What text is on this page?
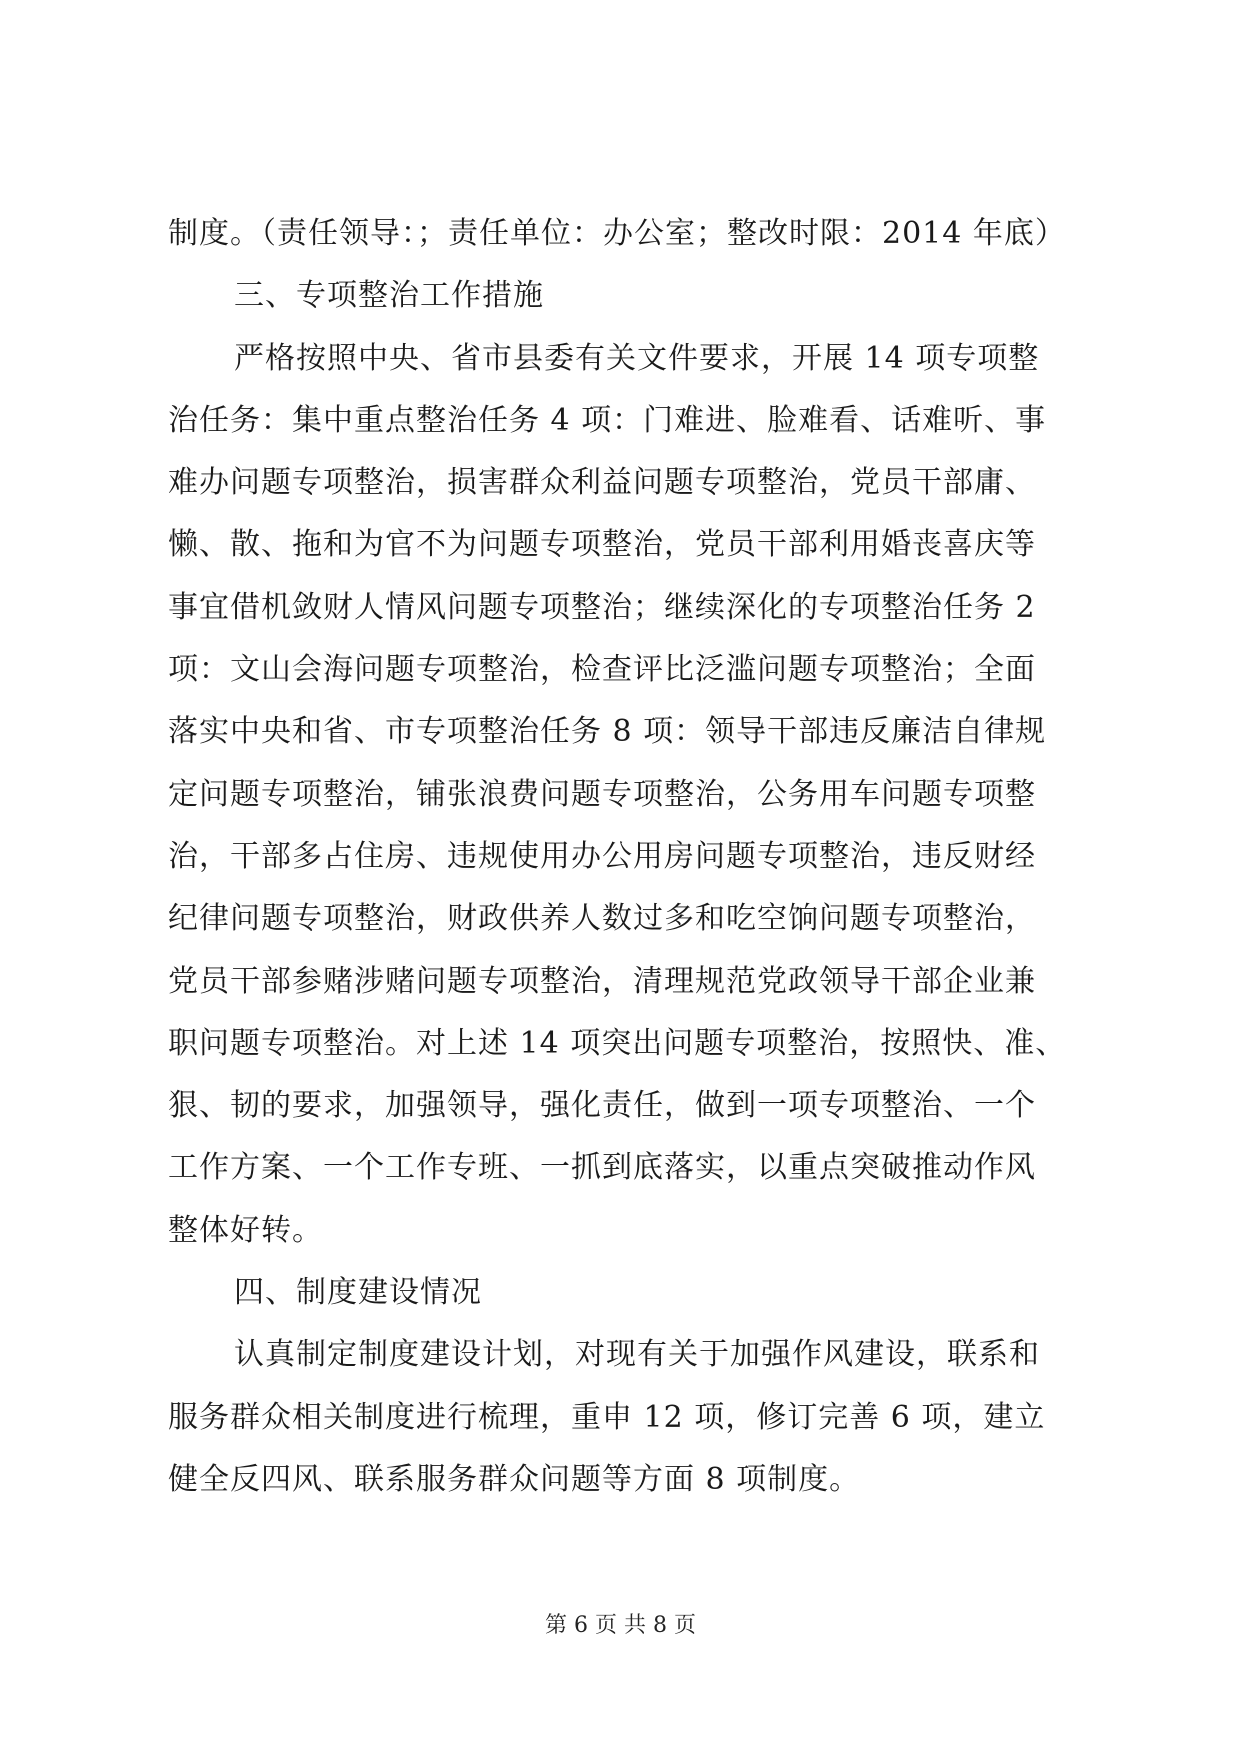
制度。（责任领导：；责任单位：办公室；整改时限：2014 年底）
三、专项整治工作措施
严格按照中央、省市县委有关文件要求，开展 14 项专项整
治任务：集中重点整治任务 4 项：门难进、脸难看、话难听、事
难办问题专项整治，损害群众利益问题专项整治，党员干部庸、
懒、散、拖和为官不为问题专项整治，党员干部利用婚丧喜庆等
事宜借机敛财人情风问题专项整治；继续深化的专项整治任务 2
项：文山会海问题专项整治，检查评比泛滥问题专项整治；全面
落实中央和省、市专项整治任务 8 项：领导干部违反廉洁自律规
定问题专项整治，铺张浪费问题专项整治，公务用车问题专项整
治，干部多占住房、违规使用办公用房问题专项整治，违反财经
纪律问题专项整治，财政供养人数过多和吃空饷问题专项整治，
党员干部参赌涉赌问题专项整治，清理规范党政领导干部企业兼
职问题专项整治。对上述 14 项突出问题专项整治，按照快、准、
狠、韧的要求，加强领导，强化责任，做到一项专项整治、一个
工作方案、一个工作专班、一抓到底落实，以重点突破推动作风
整体好转。
四、制度建设情况
认真制定制度建设计划，对现有关于加强作风建设，联系和
服务群众相关制度进行梳理，重申 12 项，修订完善 6 项，建立
健全反四风、联系服务群众问题等方面 8 项制度。
第 6 页 共 8 页
